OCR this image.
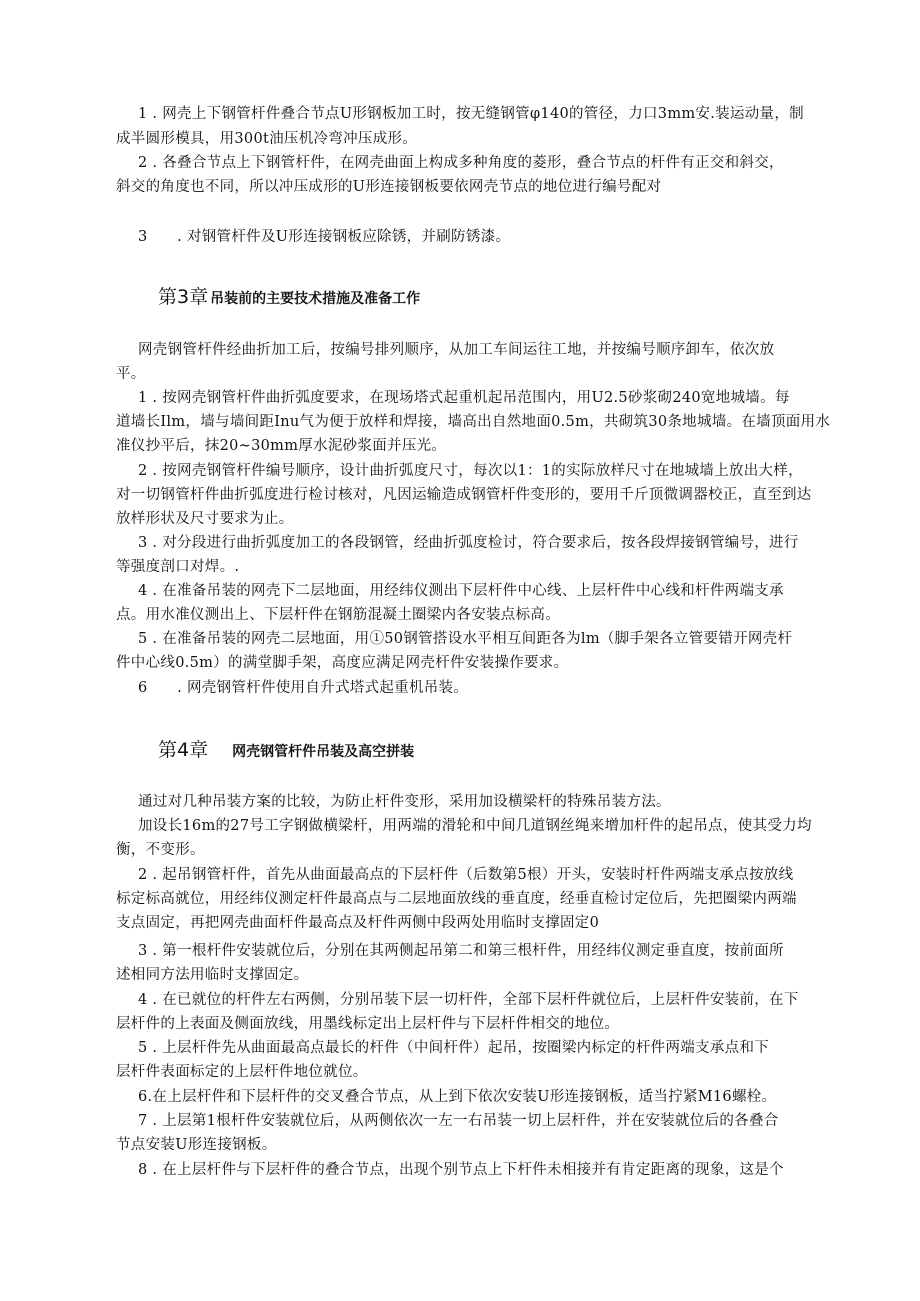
1 . 网壳上下钢管杆件叠合节点U形钢板加工时，按无缝钢管φ140的管径，力口3mm安.装运动量，制
成半圆形模具，用300t油压机冷弯冲压成形。
2 . 各叠合节点上下钢管杆件，在网壳曲面上构成多种角度的菱形，叠合节点的杆件有正交和斜交，
斜交的角度也不同，所以冲压成形的U形连接钢板要依网壳节点的地位进行编号配对
3　　. 对钢管杆件及U形连接钢板应除锈，并刷防锈漆。
第3章 吊装前的主要技术措施及准备工作
网壳钢管杆件经曲折加工后，按编号排列顺序，从加工车间运往工地，并按编号顺序卸车，依次放
平。
1 . 按网壳钢管杆件曲折弧度要求，在现场塔式起重机起吊范围内，用U2.5砂浆砌240宽地城墙。每
道墙长Ilm，墙与墙间距Inu气为便于放样和焊接，墙高出自然地面0.5m，共砌筑30条地城墙。在墙顶面用水
准仪抄平后，抹20~30mm厚水泥砂浆面并压光。
2 . 按网壳钢管杆件编号顺序，设计曲折弧度尺寸，每次以1：1的实际放样尺寸在地城墙上放出大样，
对一切钢管杆件曲折弧度进行检讨核对，凡因运输造成钢管杆件变形的，要用千斤顶微调器校正，直至到达
放样形状及尺寸要求为止。
3 . 对分段进行曲折弧度加工的各段钢管，经曲折弧度检讨，符合要求后，按各段焊接钢管编号，进行
等强度剖口对焊。.
4 . 在准备吊装的网壳下二层地面，用经纬仪测出下层杆件中心线、上层杆件中心线和杆件两端支承
点。用水准仪测出上、下层杆件在钢筋混凝土圈梁内各安装点标高。
5 . 在准备吊装的网壳二层地面，用①50钢管搭设水平相互间距各为lm（脚手架各立管要错开网壳杆
件中心线0.5m）的满堂脚手架，高度应满足网壳杆件安装操作要求。
6　　. 网壳钢管杆件使用自升式塔式起重机吊装。
第4章 网壳钢管杆件吊装及高空拼装
通过对几种吊装方案的比较，为防止杆件变形，采用加设横梁杆的特殊吊装方法。
加设长16m的27号工字钢做横梁杆，用两端的滑轮和中间几道钢丝绳来增加杆件的起吊点，使其受力均
衡，不变形。
2 . 起吊钢管杆件，首先从曲面最高点的下层杆件（后数第5根）开头，安装时杆件两端支承点按放线
标定标高就位，用经纬仪测定杆件最高点与二层地面放线的垂直度，经垂直检讨定位后，先把圈梁内两端
支点固定，再把网壳曲面杆件最高点及杆件两侧中段两处用临时支撑固定0
3 . 第一根杆件安装就位后，分别在其两侧起吊第二和第三根杆件，用经纬仪测定垂直度，按前面所
述相同方法用临时支撑固定。
4 . 在已就位的杆件左右两侧，分别吊装下层一切杆件，全部下层杆件就位后，上层杆件安装前，在下
层杆件的上表面及侧面放线，用墨线标定出上层杆件与下层杆件相交的地位。
5 . 上层杆件先从曲面最高点最长的杆件（中间杆件）起吊，按圈梁内标定的杆件两端支承点和下
层杆件表面标定的上层杆件地位就位。
6.在上层杆件和下层杆件的交叉叠合节点，从上到下依次安装U形连接钢板，适当拧紧M16螺栓。
7 . 上层第1根杆件安装就位后，从两侧依次一左一右吊装一切上层杆件，并在安装就位后的各叠合
节点安装U形连接钢板。
8 . 在上层杆件与下层杆件的叠合节点，出现个别节点上下杆件未相接并有肯定距离的现象，这是个
